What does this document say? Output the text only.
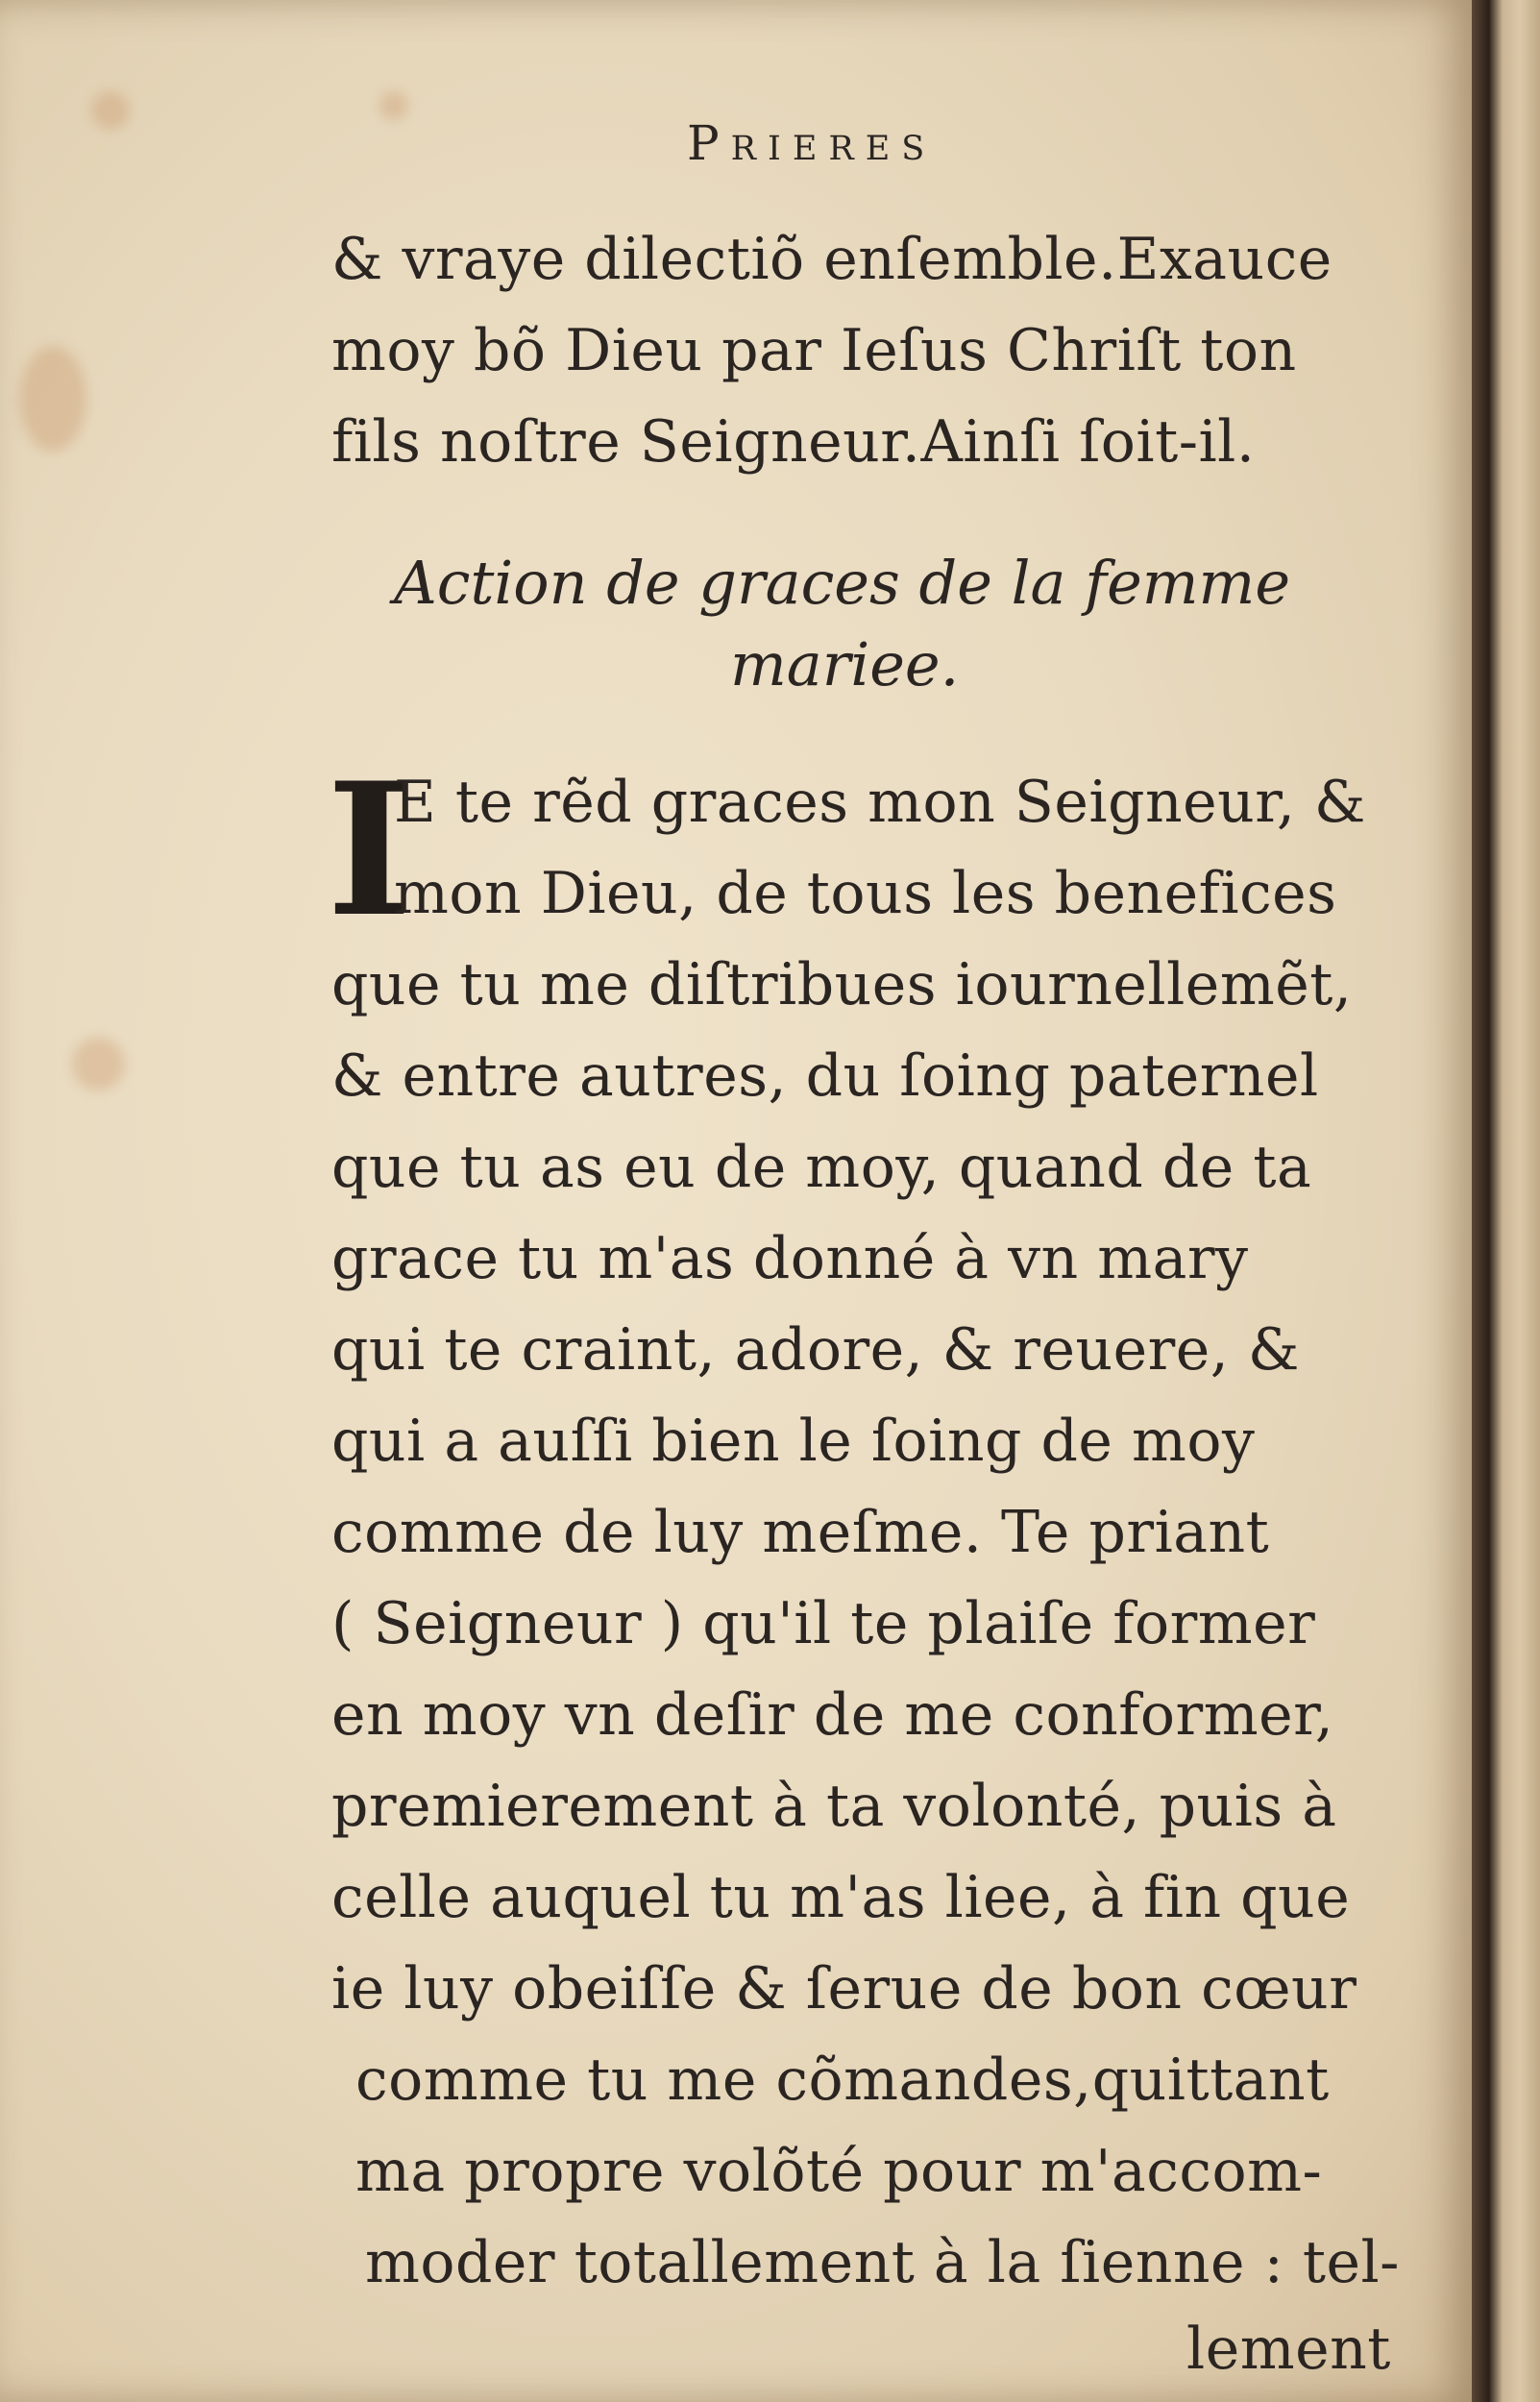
Prieres
& vraye dilectiõ enſemble.Exauce
moy bõ Dieu par Ieſus Chriſt ton
fils noſtre Seigneur.Ainſi ſoit-il.
Action de graces de la femme
mariee.
I
E te rẽd graces mon Seigneur, &
mon Dieu, de tous les benefices
que tu me diſtribues iournellemẽt,
& entre autres, du ſoing paternel
que tu as eu de moy, quand de ta
grace tu m'as donné à vn mary
qui te craint, adore, & reuere, &
qui a auſſi bien le ſoing de moy
comme de luy meſme. Te priant
( Seigneur ) qu'il te plaiſe former
en moy vn deſir de me conformer,
premierement à ta volonté, puis à
celle auquel tu m'as liee, à fin que
ie luy obeiſſe & ſerue de bon cœur
comme tu me cõmandes,quittant
ma propre volõté pour m'accom-
moder totallement à la ſienne : tel-
lement
